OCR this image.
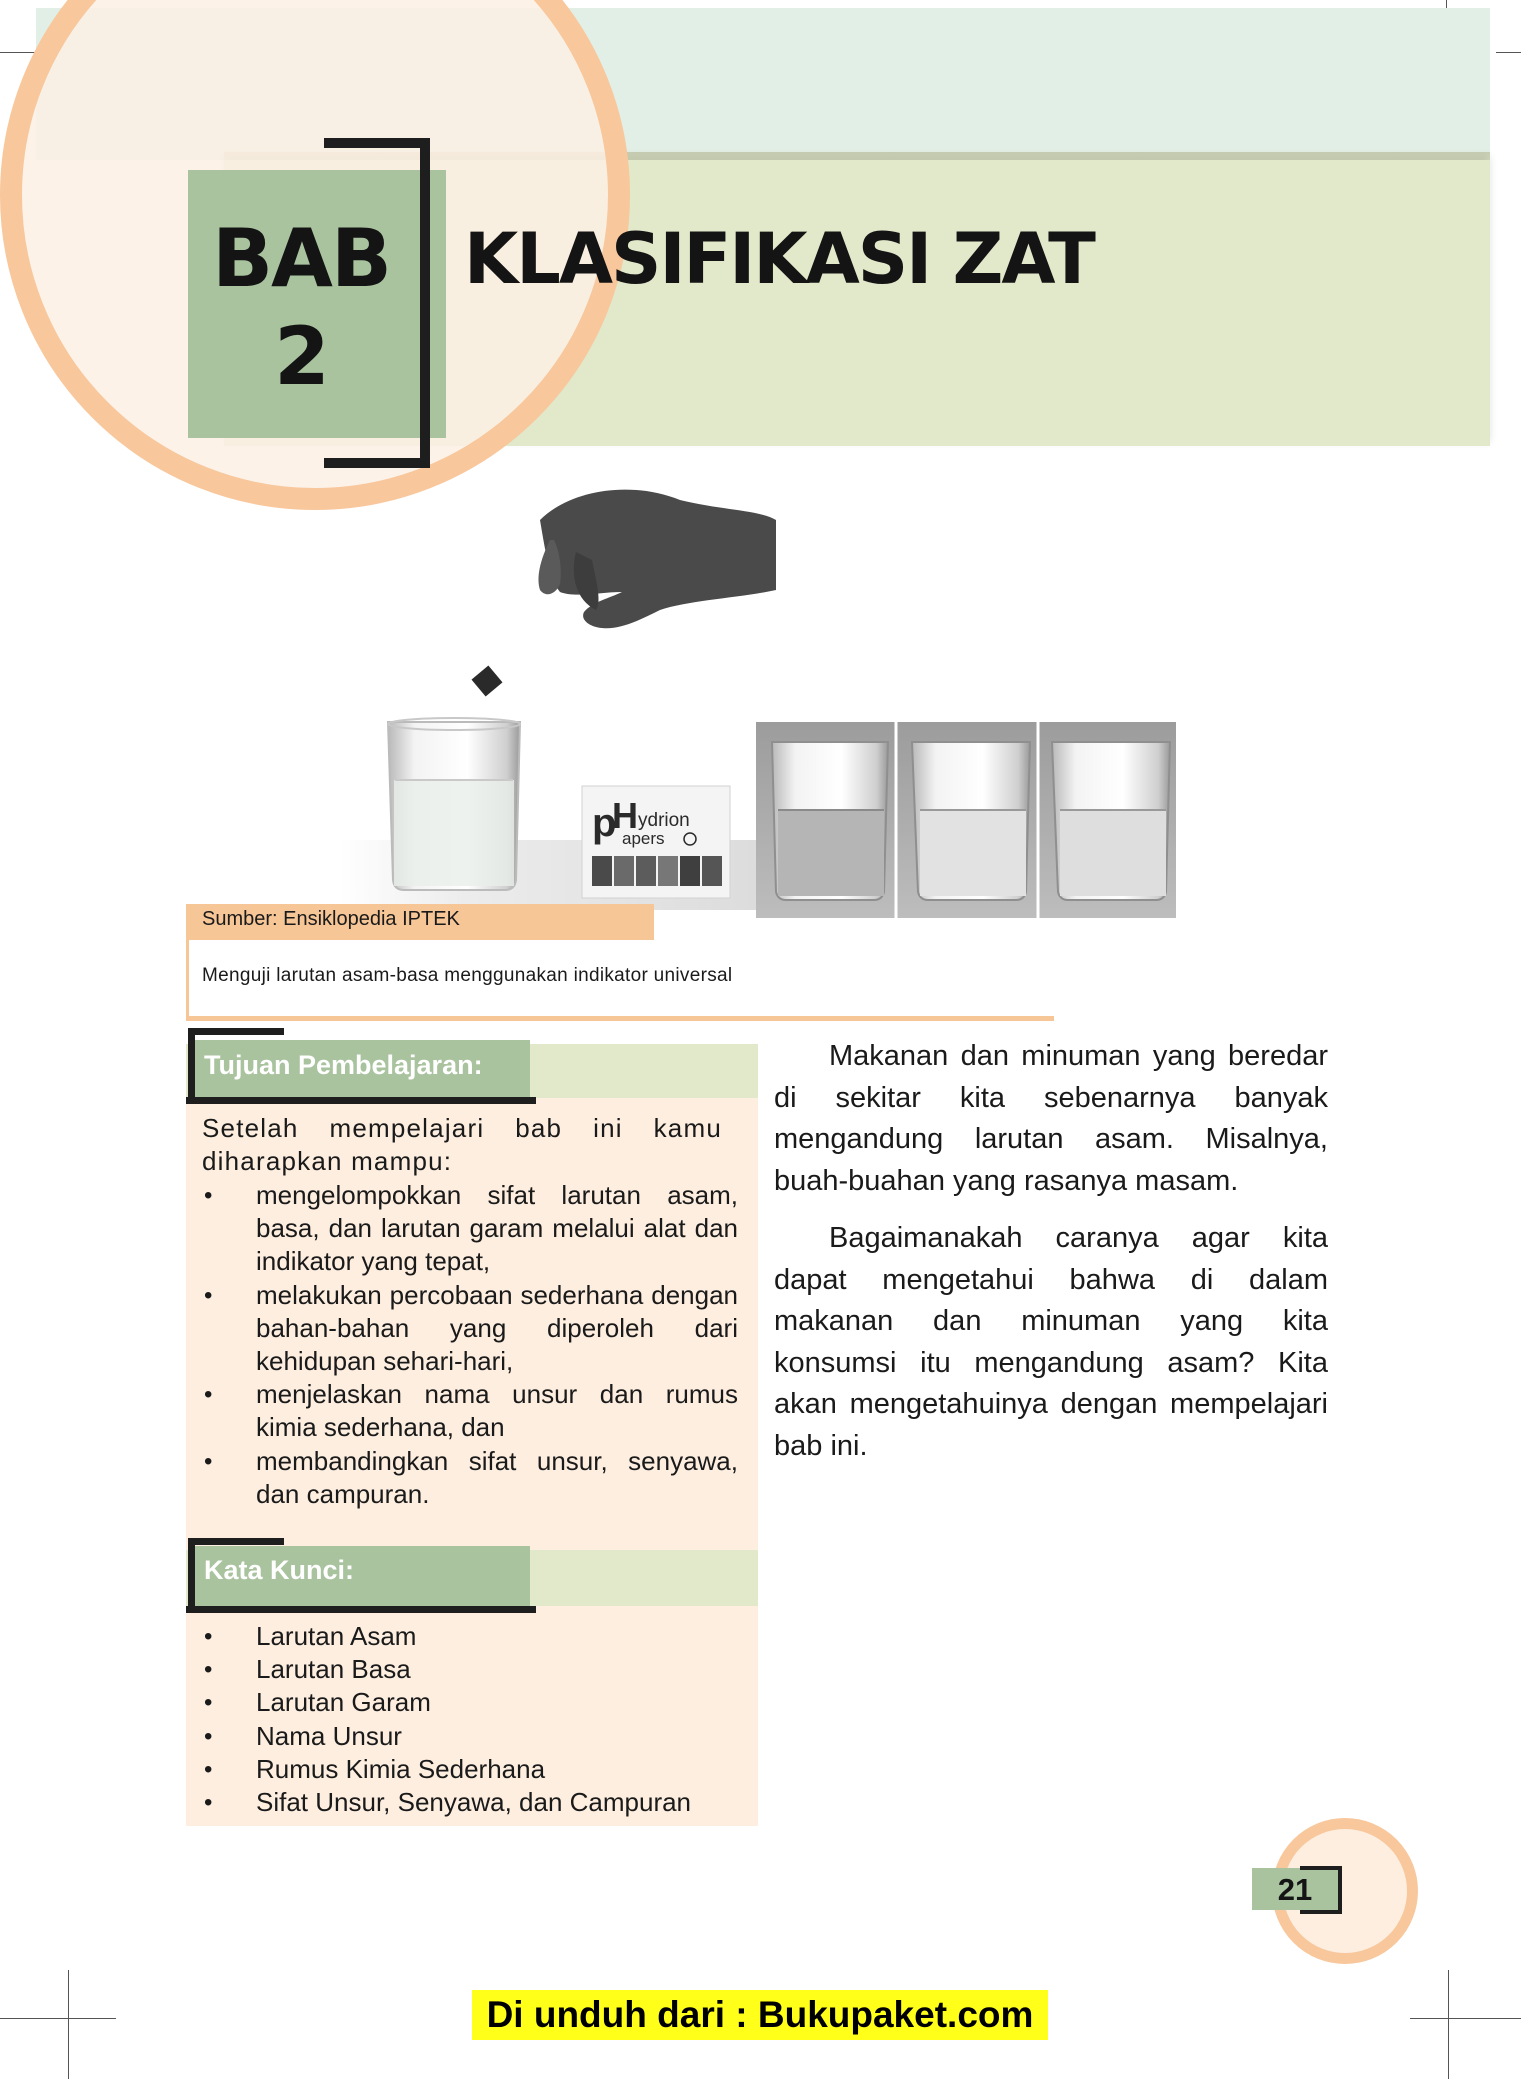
BAB
2
KLASIFIKASI ZAT
p
H ydrion
apers
Sumber: Ensiklopedia IPTEK
Menguji larutan asam-basa menggunakan indikator universal
Tujuan Pembelajaran:
Setelah mempelajari bab ini kamu diharapkan mampu:
• mengelompokkan sifat larutan asam, basa, dan larutan garam melalui alat dan indikator yang tepat,
• melakukan percobaan sederhana dengan bahan-bahan yang diperoleh dari kehidupan sehari-hari,
• menjelaskan nama unsur dan rumus kimia sederhana, dan
• membandingkan sifat unsur, senyawa, dan campuran.
Kata Kunci:
• Larutan Asam
• Larutan Basa
• Larutan Garam
• Nama Unsur
• Rumus Kimia Sederhana
• Sifat Unsur, Senyawa, dan Campuran

Makanan dan minuman yang beredar di sekitar kita sebenarnya banyak mengandung larutan asam. Misalnya, buah-buahan yang rasanya masam.

Bagaimanakah caranya agar kita dapat mengetahui bahwa di dalam makanan dan minuman yang kita konsumsi itu mengandung asam? Kita akan mengetahuinya dengan mempelajari bab ini.

21
Di unduh dari : Bukupaket.com
